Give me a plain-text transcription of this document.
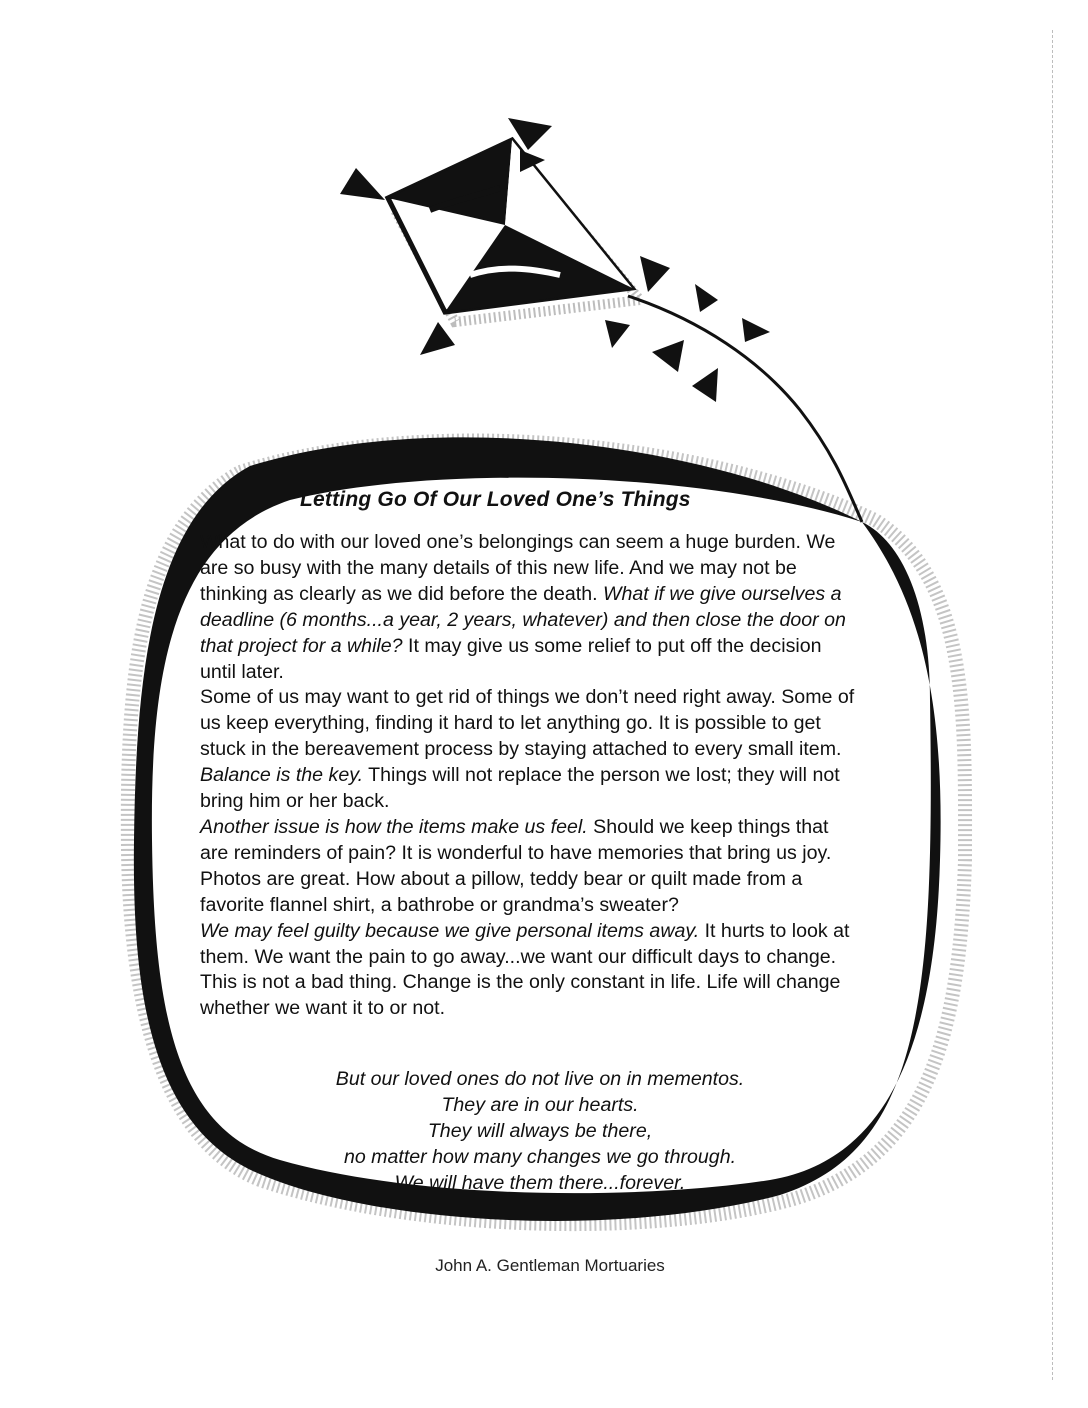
Letting Go Of Our Loved One’s Things

What to do with our loved one’s belongings can seem a huge burden. We are so busy with the many details of this new life. And we may not be thinking as clearly as we did before the death. What if we give ourselves a deadline (6 months...a year, 2 years, whatever) and then close the door on that project for a while? It may give us some relief to put off the decision until later.

Some of us may want to get rid of things we don’t need right away. Some of us keep everything, finding it hard to let anything go. It is possible to get stuck in the bereavement process by staying attached to every small item. Balance is the key. Things will not replace the person we lost; they will not bring him or her back.

Another issue is how the items make us feel. Should we keep things that are reminders of pain? It is wonderful to have memories that bring us joy. Photos are great. How about a pillow, teddy bear or quilt made from a favorite flannel shirt, a bathrobe or grandma’s sweater?

We may feel guilty because we give personal items away. It hurts to look at them. We want the pain to go away...we want our difficult days to change. This is not a bad thing. Change is the only constant in life. Life will change whether we want it to or not.

But our loved ones do not live on in mementos.
They are in our hearts.
They will always be there,
no matter how many changes we go through.
We will have them there...forever.
John A. Gentleman Mortuaries
